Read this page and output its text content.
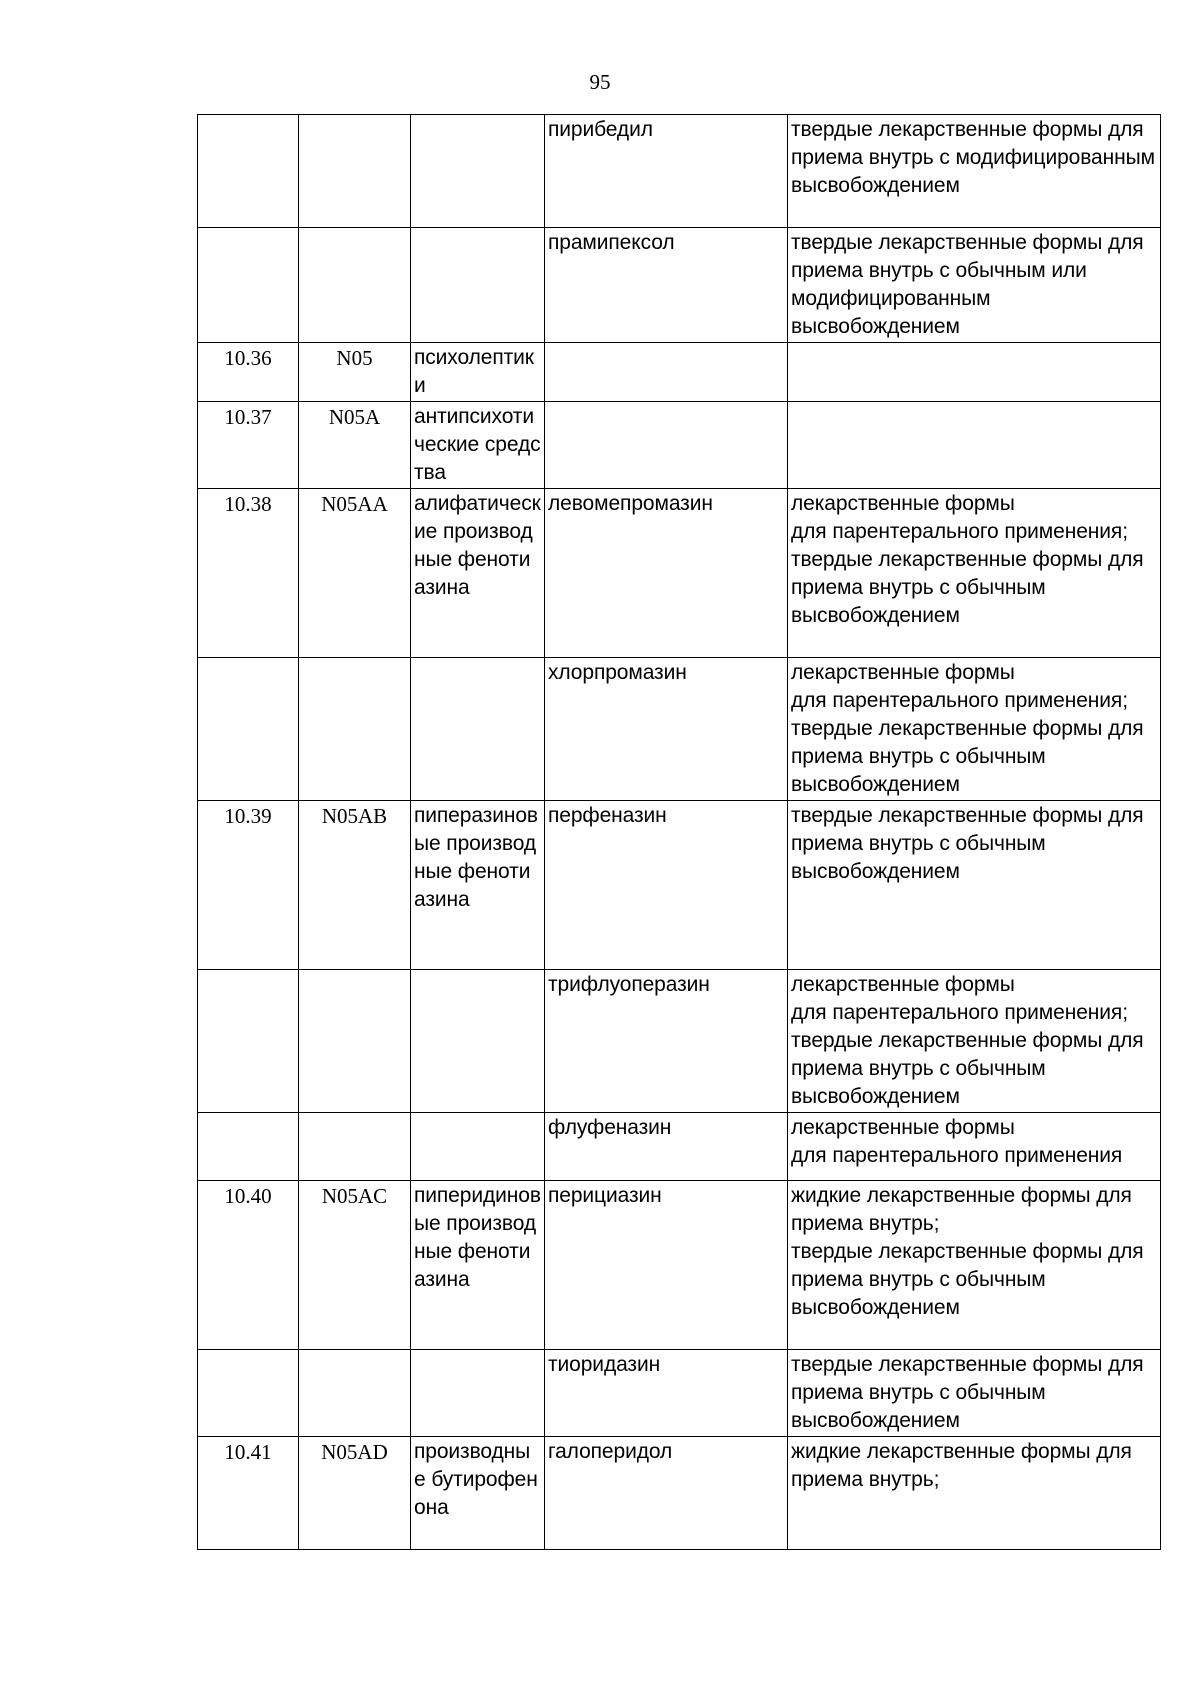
95
			пирибедил	твердые лекарственные формы для приема внутрь с модифицированным высвобождением
			прамипексол	твердые лекарственные формы для приема внутрь с обычным или модифицированным высвобождением
10.36	N05	психолептики		
10.37	N05A	антипсихотические средства		
10.38	N05AA	алифатические производные фенотиазина	левомепромазин	лекарственные формы
для парентерального применения;
твердые лекарственные формы для приема внутрь с обычным высвобождением
			хлорпромазин	лекарственные формы
для парентерального применения;
твердые лекарственные формы для приема внутрь с обычным высвобождением
10.39	N05AB	пиперазиновые производные фенотиазина	перфеназин	твердые лекарственные формы для приема внутрь с обычным высвобождением
			трифлуоперазин	лекарственные формы
для парентерального применения;
твердые лекарственные формы для приема внутрь с обычным высвобождением
			флуфеназин	лекарственные формы
для парентерального применения
10.40	N05AC	пиперидиновые производные фенотиазина	перициазин	жидкие лекарственные формы для приема внутрь;
твердые лекарственные формы для приема внутрь с обычным высвобождением
			тиоридазин	твердые лекарственные формы для приема внутрь с обычным высвобождением
10.41	N05AD	производные бутирофенона	галоперидол	жидкие лекарственные формы для приема внутрь;
